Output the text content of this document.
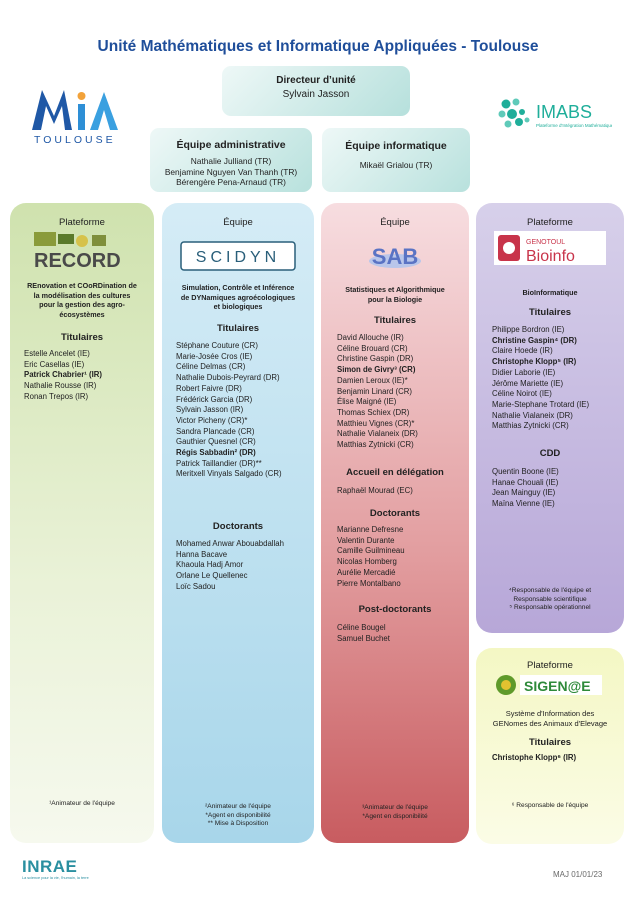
Unité Mathématiques et Informatique Appliquées - Toulouse
TOULOUSE
Directeur d’unité
Sylvain Jasson
IMABS
Plateforme d'Intégration Mathématiques
Équipe administrative
Nathalie Julliand (TR)
Benjamine Nguyen Van Thanh (TR)
Bérengère Pena-Arnaud (TR)
Équipe informatique
Mikaël Grialou (TR)
Plateforme
RECORD
REnovation et COoRDination de
la modélisation des cultures
pour la gestion des agro-
écosystèmes
Titulaires
Estelle Ancelet (IE)
Eric Casellas (IE)
Patrick Chabrier¹ (IR)
Nathalie Rousse (IR)
Ronan Trepos (IR)
¹Animateur de l'équipe
Équipe
SCIDYN
Simulation, Contrôle et Inférence
de DYNamiques agroécologiques
et biologiques
Titulaires
Stéphane Couture (CR)
Marie-Josée Cros (IE)
Céline Delmas (CR)
Nathalie Dubois-Peyrard (DR)
Robert Faivre (DR)
Frédérick Garcia (DR)
Sylvain Jasson (IR)
Victor Picheny (CR)*
Sandra Plancade (CR)
Gauthier Quesnel (CR)
Régis Sabbadin² (DR)
Patrick Taillandier (DR)**
Meritxell Vinyals Salgado (CR)
Doctorants
Mohamed Anwar Abouabdallah
Hanna Bacave
Khaoula Hadj Amor
Orlane Le Quellenec
Loïc Sadou
²Animateur de l'équipe
*Agent en disponibilité
** Mise à Disposition
Équipe
SAB
Statistiques et Algorithmique
pour la Biologie
Titulaires
David Allouche (IR)
Céline Brouard (CR)
Christine Gaspin (DR)
Simon de Givry³ (CR)
Damien Leroux (IE)*
Benjamin Linard (CR)
Élise Maigné (IE)
Thomas Schiex (DR)
Matthieu Vignes (CR)*
Nathalie Vialaneix (DR)
Matthias Zytnicki (CR)
Accueil en délégation
Raphaël Mourad (EC)
Doctorants
Marianne Defresne
Valentin Durante
Camille Guilmineau
Nicolas Homberg
Aurélie Mercadié
Pierre Montalbano
Post-doctorants
Céline Bougel
Samuel Buchet
³Animateur de l'équipe
*Agent en disponibilité
Plateforme
GENOTOUL
Bioinfo
BioInformatique
Titulaires
Philippe Bordron (IE)
Christine Gaspin⁴ (DR)
Claire Hoede (IR)
Christophe Klopp⁵ (IR)
Didier Laborie (IE)
Jérôme Mariette (IE)
Céline Noirot (IE)
Marie-Stephane Trotard (IE)
Nathalie Vialaneix (DR)
Matthias Zytnicki (CR)
CDD
Quentin Boone (IE)
Hanae Chouali (IE)
Jean Mainguy (IE)
Maïna Vienne (IE)
⁴Responsable de l'équipe et
Responsable scientifique
⁵ Responsable opérationnel
Plateforme
SIGEN@E
Système d'Information des
GENomes des Animaux d'Elevage
Titulaires
Christophe Klopp⁶ (IR)
⁶ Responsable de l'équipe
INRAE
La science pour la vie, l'humain, la terre	MAJ 01/01/23
